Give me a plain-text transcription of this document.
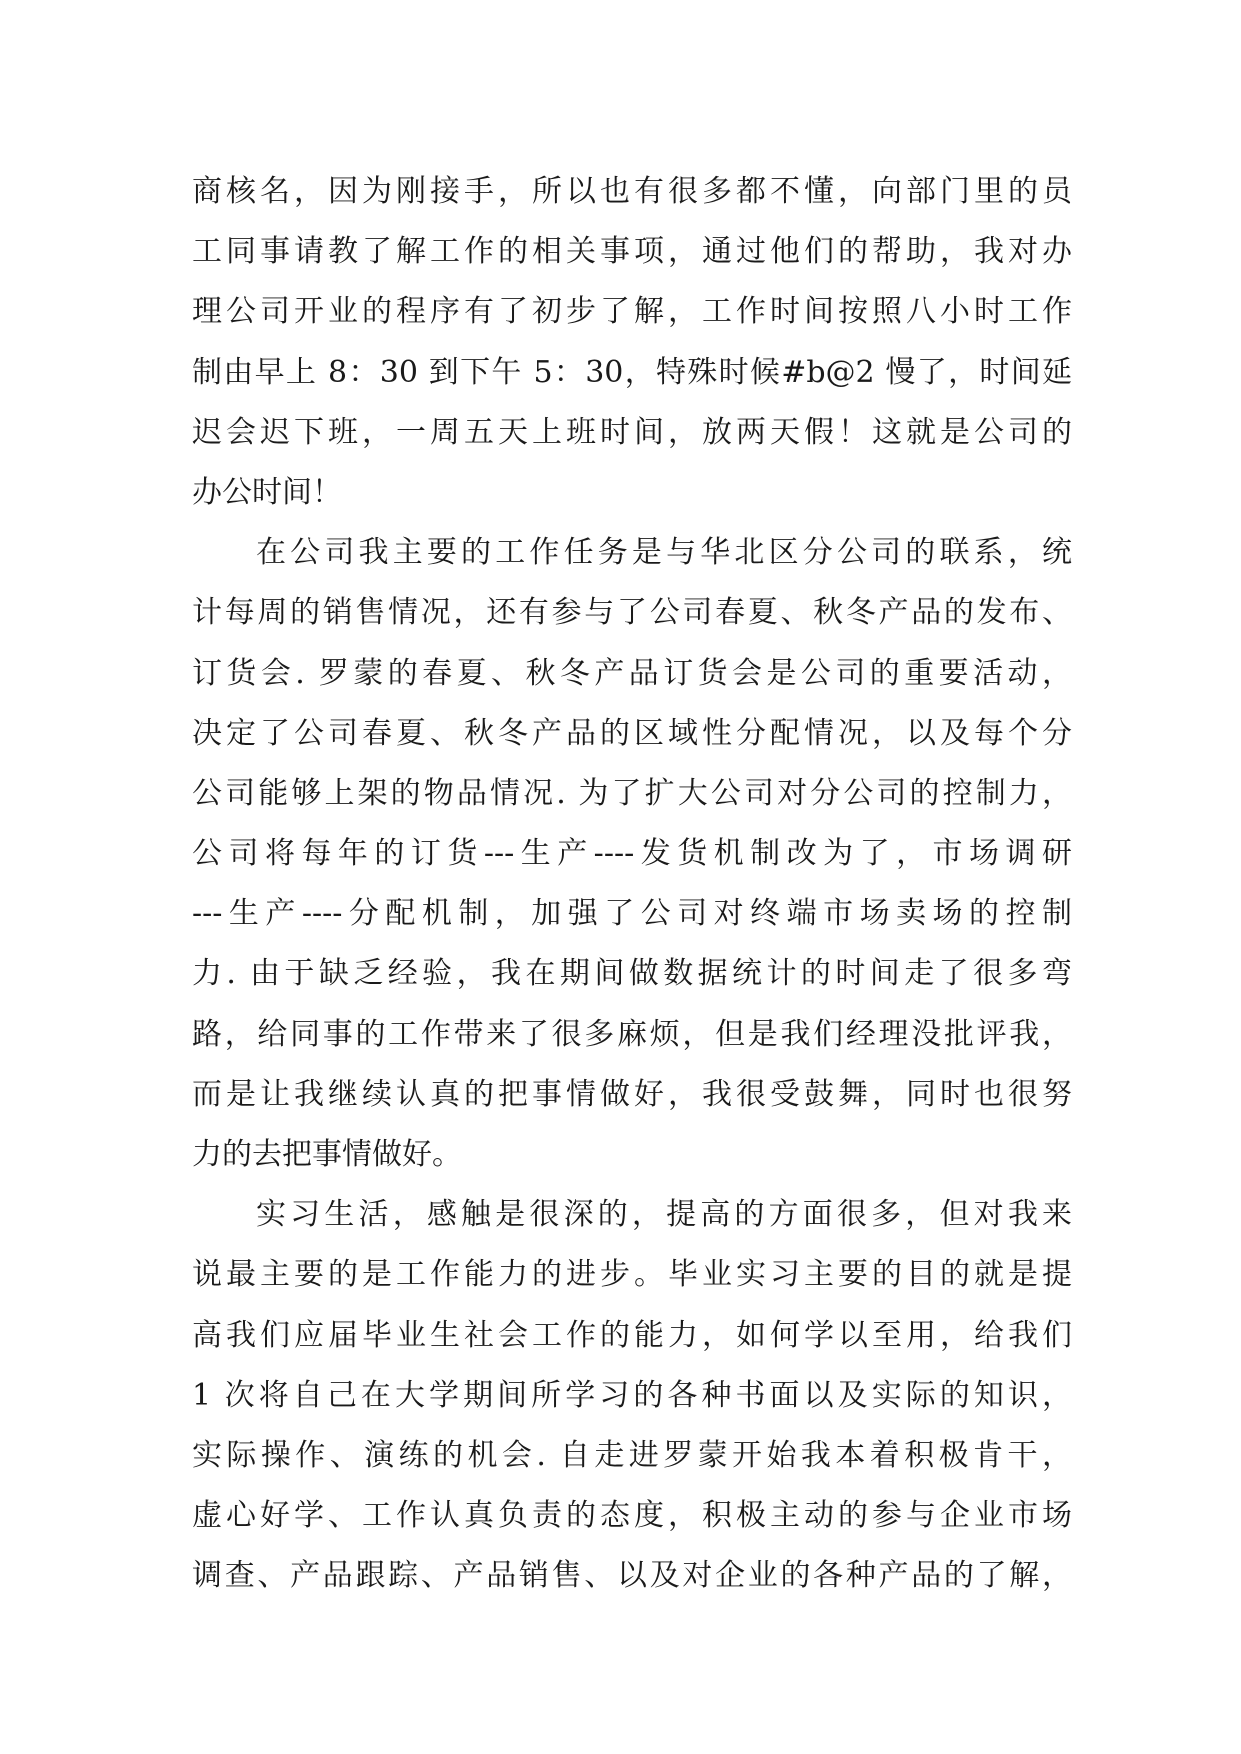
商核名，因为刚接手，所以也有很多都不懂，向部门里的员
工同事请教了解工作的相关事项，通过他们的帮助，我对办
理公司开业的程序有了初步了解，工作时间按照八小时工作
制由早上 8：30 到下午 5：30，特殊时候#b@2 慢了，时间延
迟会迟下班，一周五天上班时间，放两天假！这就是公司的
办公时间！
在公司我主要的工作任务是与华北区分公司的联系，统
计每周的销售情况，还有参与了公司春夏、秋冬产品的发布、
订货会. 罗蒙的春夏、秋冬产品订货会是公司的重要活动，
决定了公司春夏、秋冬产品的区域性分配情况，以及每个分
公司能够上架的物品情况. 为了扩大公司对分公司的控制力，
公司将每年的订货---生产----发货机制改为了，市场调研
---生产----分配机制，加强了公司对终端市场卖场的控制
力. 由于缺乏经验，我在期间做数据统计的时间走了很多弯
路，给同事的工作带来了很多麻烦，但是我们经理没批评我，
而是让我继续认真的把事情做好，我很受鼓舞，同时也很努
力的去把事情做好。
实习生活，感触是很深的，提高的方面很多，但对我来
说最主要的是工作能力的进步。毕业实习主要的目的就是提
高我们应届毕业生社会工作的能力，如何学以至用，给我们
1 次将自己在大学期间所学习的各种书面以及实际的知识，
实际操作、演练的机会. 自走进罗蒙开始我本着积极肯干，
虚心好学、工作认真负责的态度，积极主动的参与企业市场
调查、产品跟踪、产品销售、以及对企业的各种产品的了解，
